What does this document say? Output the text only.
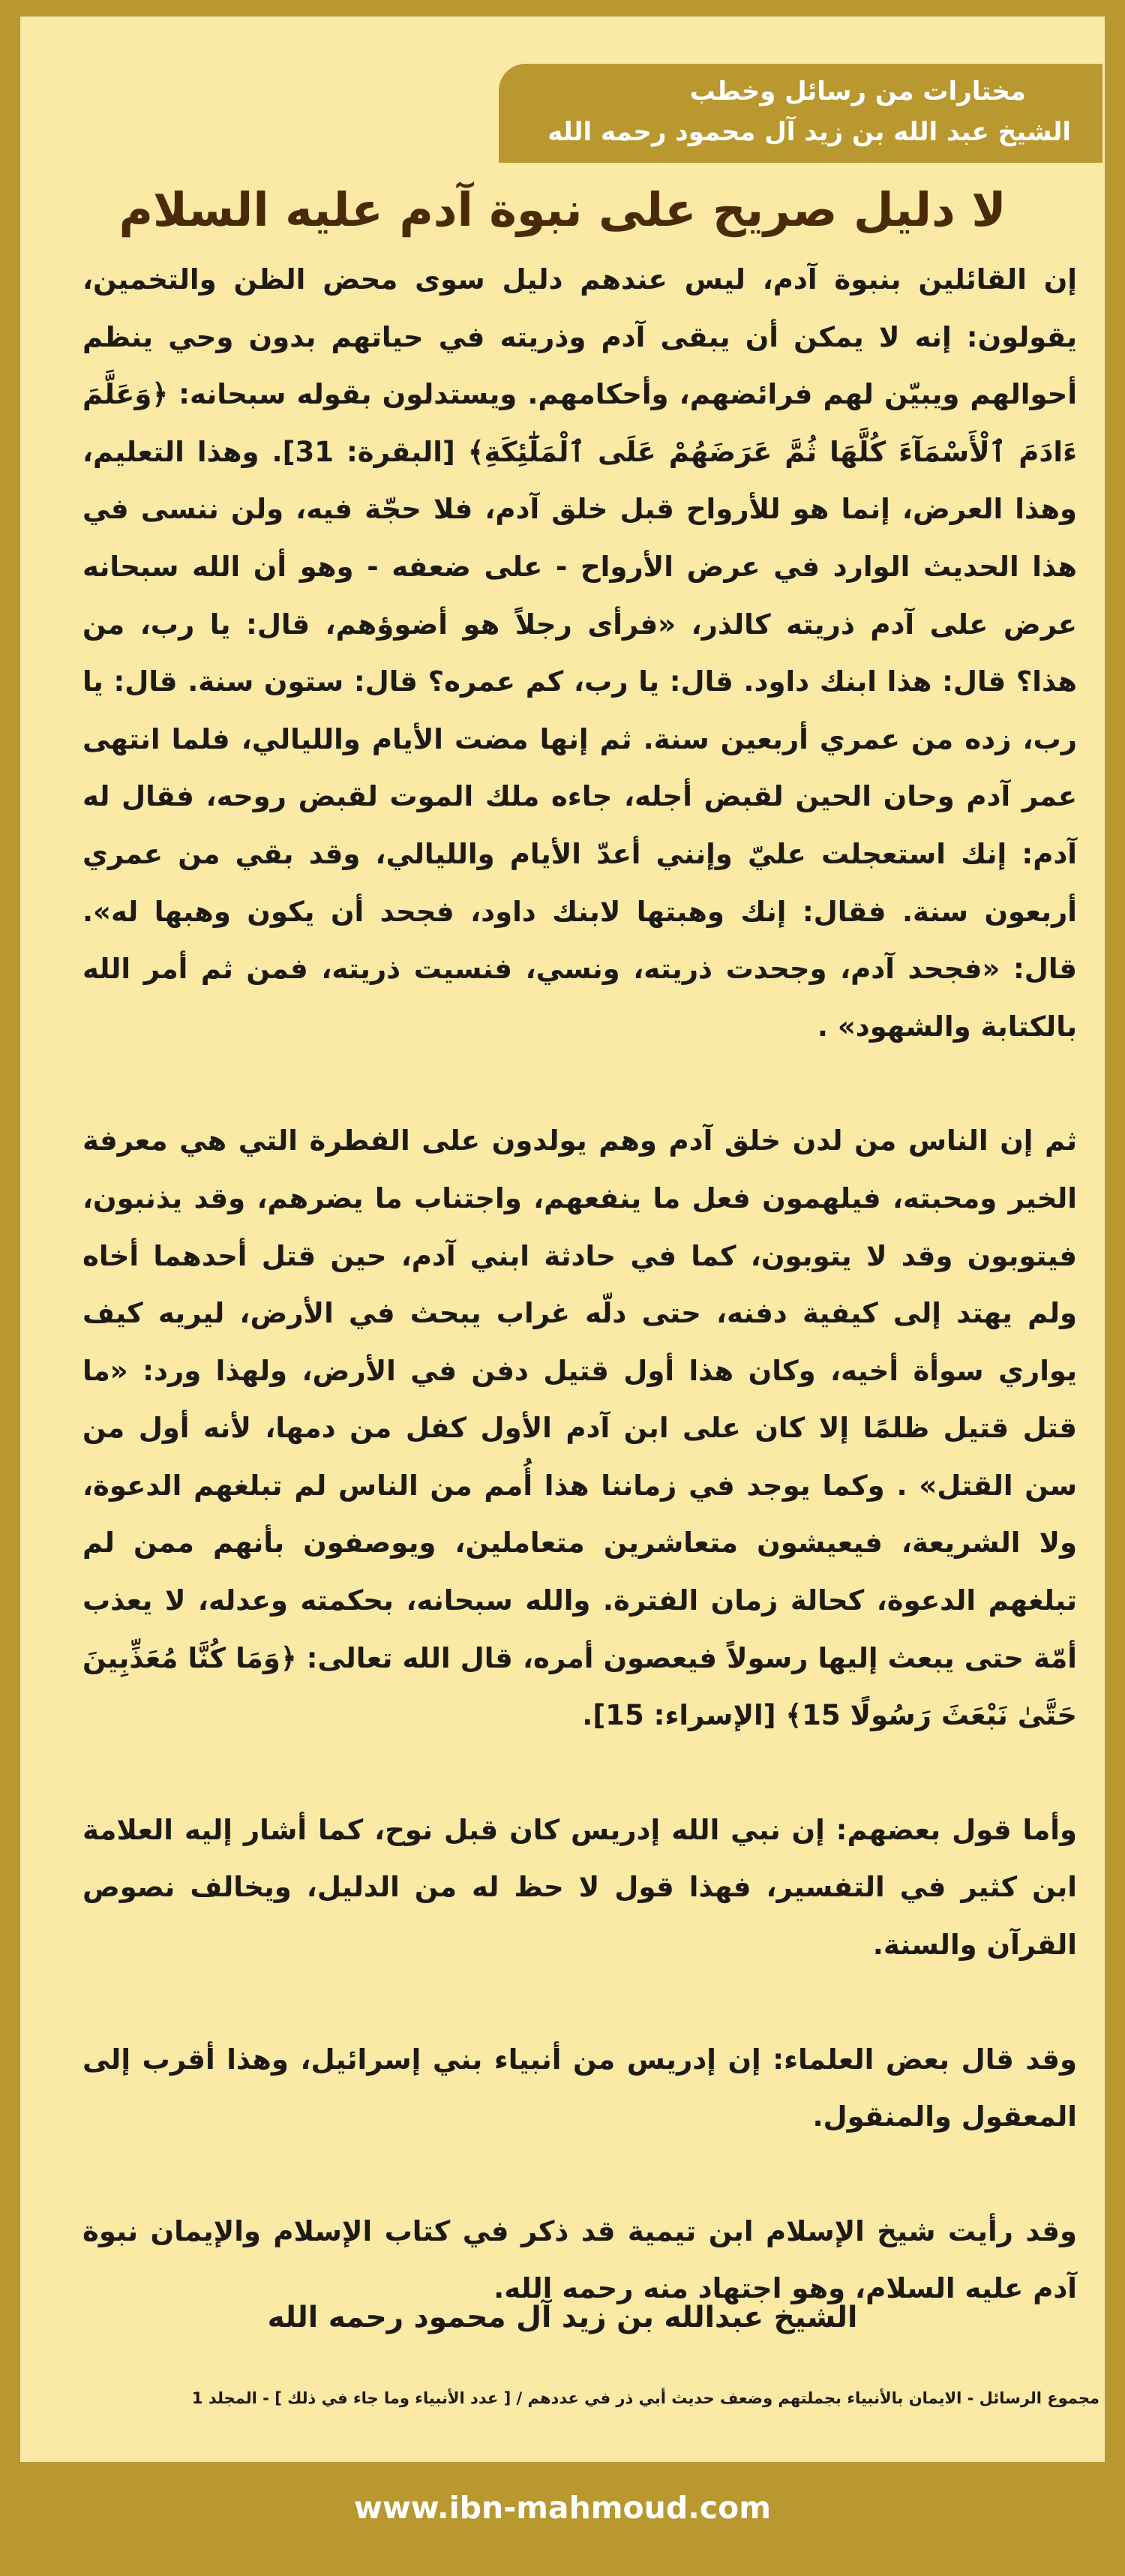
مختارات من رسائل وخطب
الشيخ عبد الله بن زيد آل محمود رحمه الله
لا دليل صريح على نبوة آدم عليه السلام

إن القائلين بنبوة آدم، ليس عندهم دليل سوى محض الظن والتخمين، يقولون: إنه لا يمكن أن يبقى آدم وذريته في حياتهم بدون وحي ينظم أحوالهم ويبيّن لهم فرائضهم، وأحكامهم. ويستدلون بقوله سبحانه: ﴿وَعَلَّمَ ءَادَمَ ٱلْأَسْمَآءَ كُلَّهَا ثُمَّ عَرَضَهُمْ عَلَى ٱلْمَلَٰٓئِكَةِ﴾ [البقرة: 31]. وهذا التعليم، وهذا العرض، إنما هو للأرواح قبل خلق آدم، فلا حجّة فيه، ولن ننسى في هذا الحديث الوارد في عرض الأرواح - على ضعفه - وهو أن الله سبحانه عرض على آدم ذريته كالذر، «فرأى رجلاً هو أضوؤهم، قال: يا رب، من هذا؟ قال: هذا ابنك داود. قال: يا رب، كم عمره؟ قال: ستون سنة. قال: يا رب، زده من عمري أربعين سنة. ثم إنها مضت الأيام والليالي، فلما انتهى عمر آدم وحان الحين لقبض أجله، جاءه ملك الموت لقبض روحه، فقال له آدم: إنك استعجلت عليّ وإنني أعدّ الأيام والليالي، وقد بقي من عمري أربعون سنة. فقال: إنك وهبتها لابنك داود، فجحد أن يكون وهبها له». قال: «فجحد آدم، وجحدت ذريته، ونسي، فنسيت ذريته، فمن ثم أمر الله بالكتابة والشهود» .

ثم إن الناس من لدن خلق آدم وهم يولدون على الفطرة التي هي معرفة الخير ومحبته، فيلهمون فعل ما ينفعهم، واجتناب ما يضرهم، وقد يذنبون، فيتوبون وقد لا يتوبون، كما في حادثة ابني آدم، حين قتل أحدهما أخاه ولم يهتد إلى كيفية دفنه، حتى دلّه غراب يبحث في الأرض، ليريه كيف يواري سوأة أخيه، وكان هذا أول قتيل دفن في الأرض، ولهذا ورد: «ما قتل قتيل ظلمًا إلا كان على ابن آدم الأول كفل من دمها، لأنه أول من سن القتل» . وكما يوجد في زماننا هذا أُمم من الناس لم تبلغهم الدعوة، ولا الشريعة، فيعيشون متعاشرين متعاملين، ويوصفون بأنهم ممن لم تبلغهم الدعوة، كحالة زمان الفترة. والله سبحانه، بحكمته وعدله، لا يعذب أمّة حتى يبعث إليها رسولاً فيعصون أمره، قال الله تعالى: ﴿وَمَا كُنَّا مُعَذِّبِينَ حَتَّىٰ نَبْعَثَ رَسُولًا 15﴾ [الإسراء: 15].

وأما قول بعضهم: إن نبي الله إدريس كان قبل نوح، كما أشار إليه العلامة ابن كثير في التفسير، فهذا قول لا حظ له من الدليل، ويخالف نصوص القرآن والسنة.

وقد قال بعض العلماء: إن إدريس من أنبياء بني إسرائيل، وهذا أقرب إلى المعقول والمنقول.

وقد رأيت شيخ الإسلام ابن تيمية قد ذكر في كتاب الإسلام والإيمان نبوة آدم عليه السلام، وهو اجتهاد منه رحمه الله.

الشيخ عبدالله بن زيد آل محمود رحمه الله
مجموع الرسائل - الايمان بالأنبياء بجملتهم وضعف حديث أبي ذر في عددهم / [ عدد الأنبياء وما جاء في ذلك ] - المجلد 1
www.ibn-mahmoud.com
